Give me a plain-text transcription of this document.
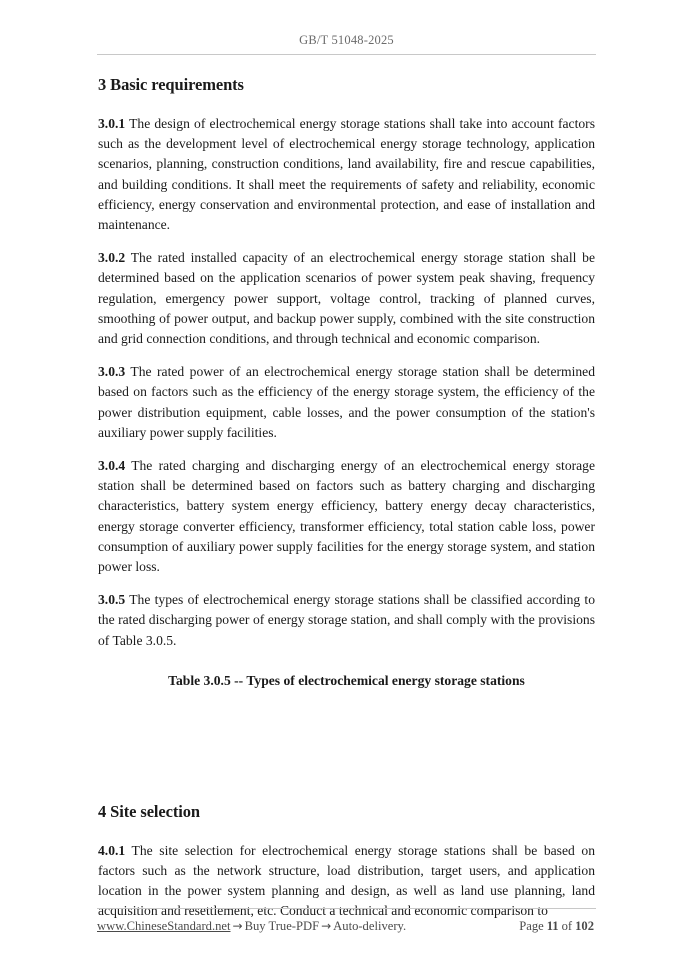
GB/T 51048-2025
3 Basic requirements

3.0.1 The design of electrochemical energy storage stations shall take into account factors such as the development level of electrochemical energy storage technology, application scenarios, planning, construction conditions, land availability, fire and rescue capabilities, and building conditions. It shall meet the requirements of safety and reliability, economic efficiency, energy conservation and environmental protection, and ease of installation and maintenance.

3.0.2 The rated installed capacity of an electrochemical energy storage station shall be determined based on the application scenarios of power system peak shaving, frequency regulation, emergency power support, voltage control, tracking of planned curves, smoothing of power output, and backup power supply, combined with the site construction and grid connection conditions, and through technical and economic comparison.

3.0.3 The rated power of an electrochemical energy storage station shall be determined based on factors such as the efficiency of the energy storage system, the efficiency of the power distribution equipment, cable losses, and the power consumption of the station's auxiliary power supply facilities.

3.0.4 The rated charging and discharging energy of an electrochemical energy storage station shall be determined based on factors such as battery charging and discharging characteristics, battery system energy efficiency, battery energy decay characteristics, energy storage converter efficiency, transformer efficiency, total station cable loss, power consumption of auxiliary power supply facilities for the energy storage system, and station power loss.

3.0.5 The types of electrochemical energy storage stations shall be classified according to the rated discharging power of energy storage station, and shall comply with the provisions of Table 3.0.5.

Table 3.0.5 -- Types of electrochemical energy storage stations

4 Site selection

4.0.1 The site selection for electrochemical energy storage stations shall be based on factors such as the network structure, load distribution, target users, and application location in the power system planning and design, as well as land use planning, land acquisition and resettlement, etc. Conduct a technical and economic comparison to

www.ChineseStandard.net → Buy True-PDF → Auto-delivery.	Page 11 of 102
